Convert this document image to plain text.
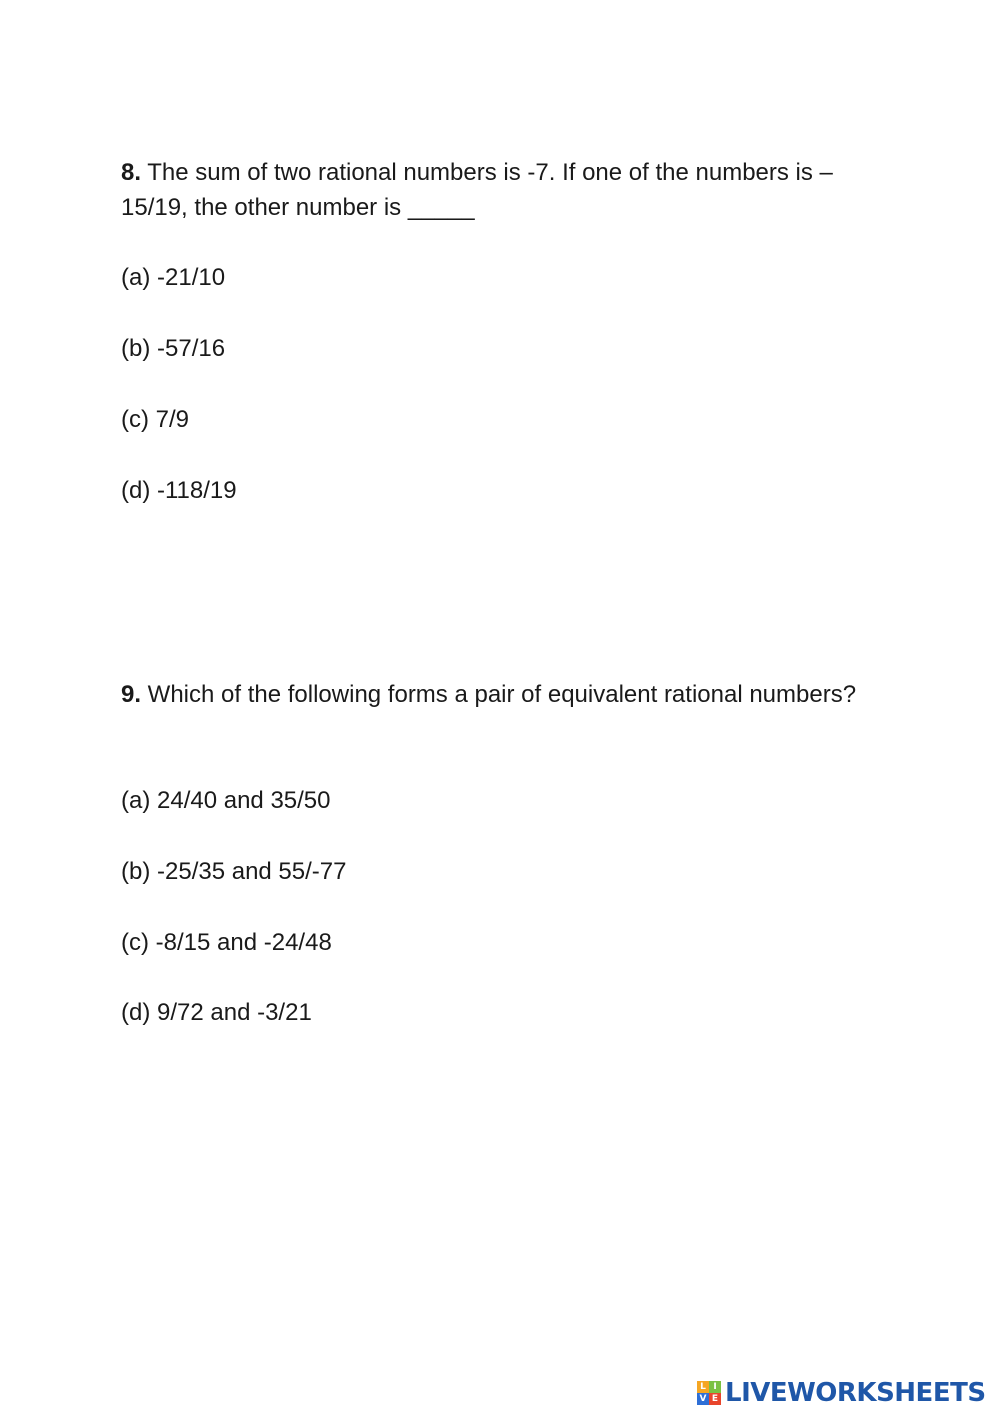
8. The sum of two rational numbers is -7. If one of the numbers is – 15/19, the other number is _____
(a) -21/10
(b) -57/16
(c) 7/9
(d) -118/19
9. Which of the following forms a pair of equivalent rational numbers?
(a) 24/40 and 35/50
(b) -25/35 and 55/-77
(c) -8/15 and -24/48
(d) 9/72 and -3/21
L I
V E LIVEWORKSHEETS
